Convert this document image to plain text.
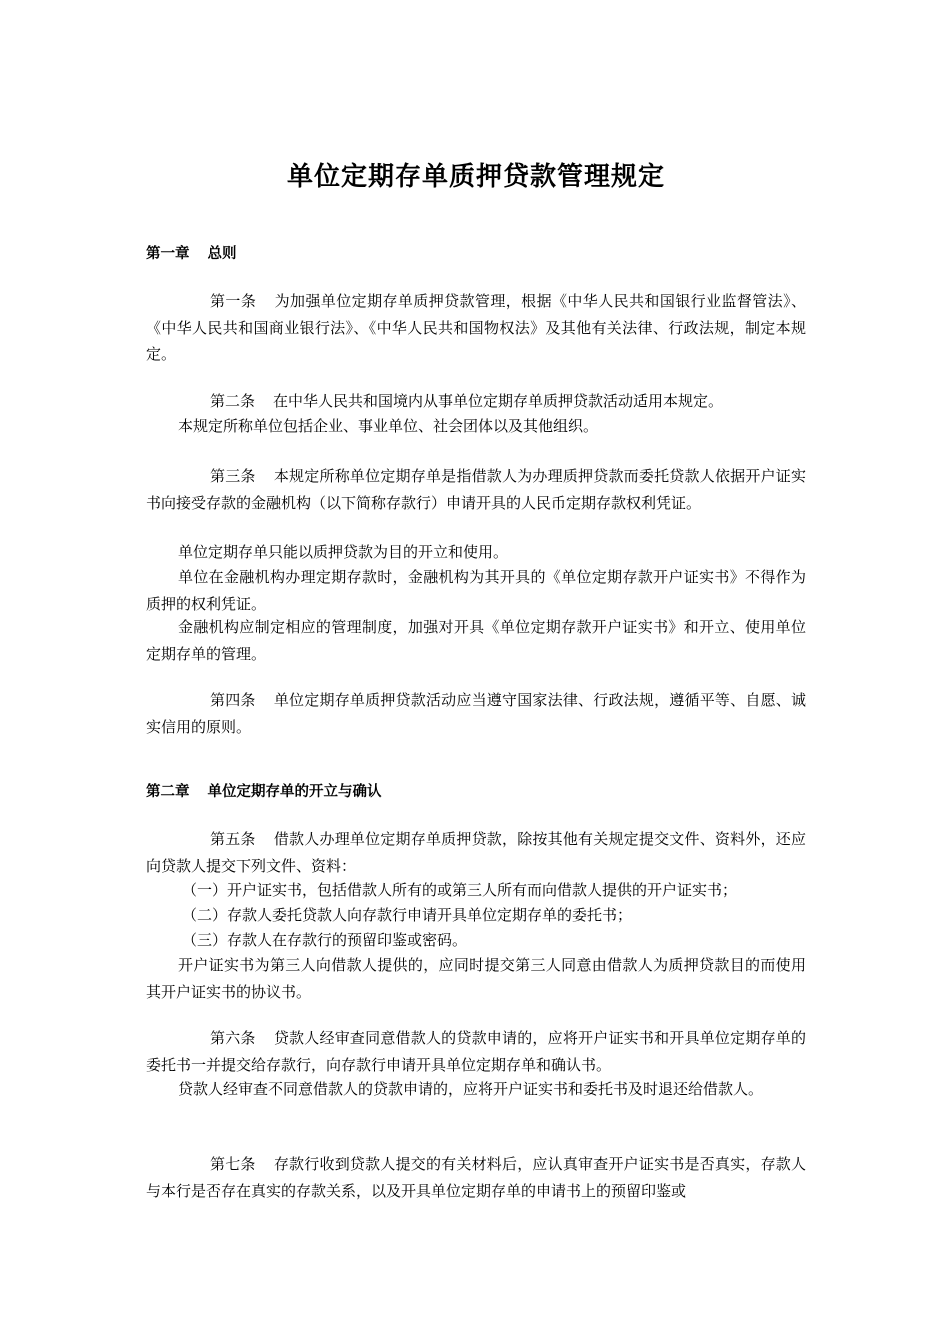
单位定期存单质押贷款管理规定
第一章 总则
第一条 为加强单位定期存单质押贷款管理，根据《中华人民共和国银行业监督管法》、《中华人民共和国商业银行法》、《中华人民共和国物权法》及其他有关法律、行政法规，制定本规定。
第二条 在中华人民共和国境内从事单位定期存单质押贷款活动适用本规定。
本规定所称单位包括企业、事业单位、社会团体以及其他组织。
第三条 本规定所称单位定期存单是指借款人为办理质押贷款而委托贷款人依据开户证实书向接受存款的金融机构（以下简称存款行）申请开具的人民币定期存款权利凭证。
单位定期存单只能以质押贷款为目的开立和使用。
单位在金融机构办理定期存款时，金融机构为其开具的《单位定期存款开户证实书》不得作为质押的权利凭证。
金融机构应制定相应的管理制度，加强对开具《单位定期存款开户证实书》和开立、使用单位定期存单的管理。
第四条 单位定期存单质押贷款活动应当遵守国家法律、行政法规，遵循平等、自愿、诚实信用的原则。
第二章 单位定期存单的开立与确认
第五条 借款人办理单位定期存单质押贷款，除按其他有关规定提交文件、资料外，还应向贷款人提交下列文件、资料：
（一）开户证实书，包括借款人所有的或第三人所有而向借款人提供的开户证实书；
（二）存款人委托贷款人向存款行申请开具单位定期存单的委托书；
（三）存款人在存款行的预留印鉴或密码。
开户证实书为第三人向借款人提供的，应同时提交第三人同意由借款人为质押贷款目的而使用其开户证实书的协议书。
第六条 贷款人经审查同意借款人的贷款申请的，应将开户证实书和开具单位定期存单的委托书一并提交给存款行，向存款行申请开具单位定期存单和确认书。
贷款人经审查不同意借款人的贷款申请的，应将开户证实书和委托书及时退还给借款人。
第七条 存款行收到贷款人提交的有关材料后，应认真审查开户证实书是否真实，存款人与本行是否存在真实的存款关系，以及开具单位定期存单的申请书上的预留印鉴或
